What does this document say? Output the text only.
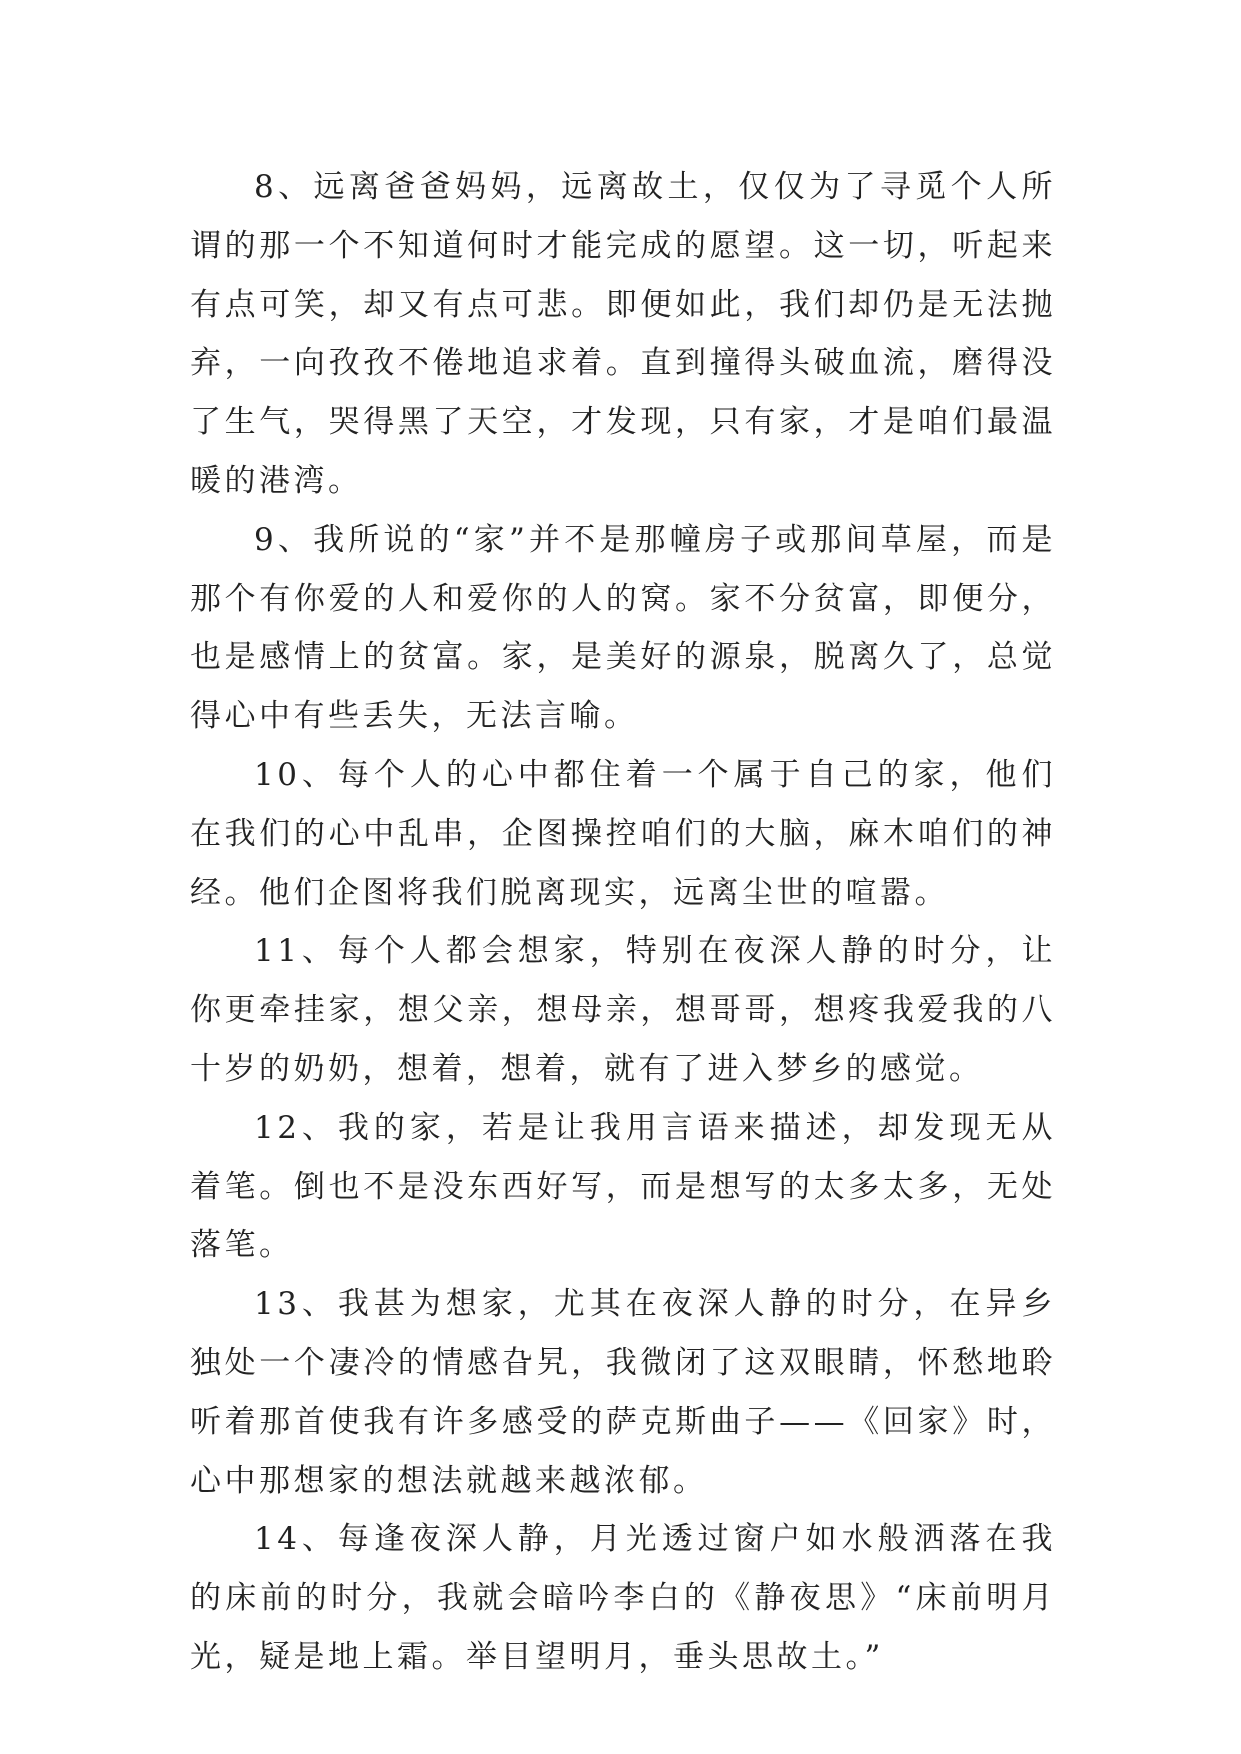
8、远离爸爸妈妈，远离故土，仅仅为了寻觅个人所谓的那一个不知道何时才能完成的愿望。这一切，听起来有点可笑，却又有点可悲。即便如此，我们却仍是无法抛弃，一向孜孜不倦地追求着。直到撞得头破血流，磨得没了生气，哭得黑了天空，才发现，只有家，才是咱们最温暖的港湾。

9、我所说的“家”并不是那幢房子或那间草屋，而是那个有你爱的人和爱你的人的窝。家不分贫富，即便分，也是感情上的贫富。家，是美好的源泉，脱离久了，总觉得心中有些丢失，无法言喻。

10、每个人的心中都住着一个属于自己的家，他们在我们的心中乱串，企图操控咱们的大脑，麻木咱们的神经。他们企图将我们脱离现实，远离尘世的喧嚣。

11、每个人都会想家，特别在夜深人静的时分，让你更牵挂家，想父亲，想母亲，想哥哥，想疼我爱我的八十岁的奶奶，想着，想着，就有了进入梦乡的感觉。

12、我的家，若是让我用言语来描述，却发现无从着笔。倒也不是没东西好写，而是想写的太多太多，无处落笔。

13、我甚为想家，尤其在夜深人静的时分，在异乡独处一个凄冷的情感旮旯，我微闭了这双眼睛，怀愁地聆听着那首使我有许多感受的萨克斯曲子——《回家》时，心中那想家的想法就越来越浓郁。

14、每逢夜深人静，月光透过窗户如水般洒落在我的床前的时分，我就会暗吟李白的《静夜思》“床前明月光，疑是地上霜。举目望明月，垂头思故土。”
